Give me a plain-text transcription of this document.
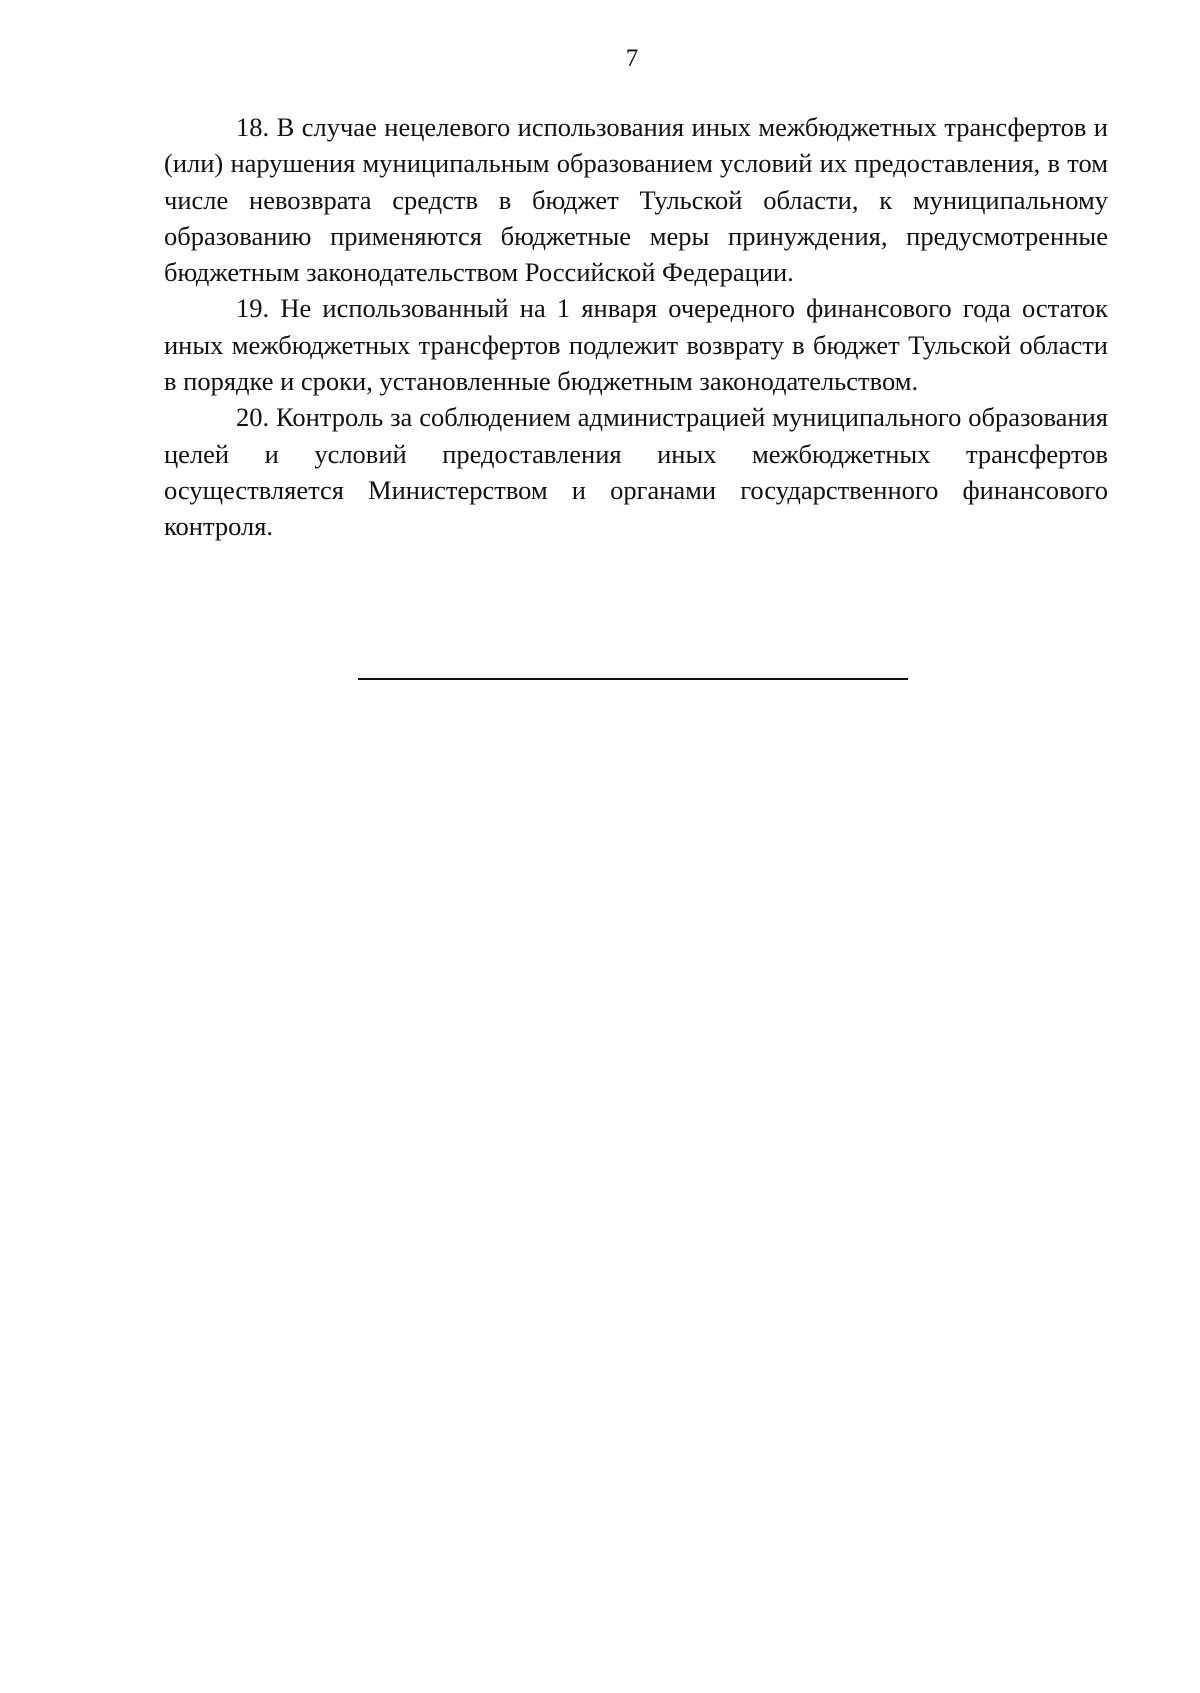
7

18. В случае нецелевого использования иных межбюджетных трансфертов и (или) нарушения муниципальным образованием условий их предоставления, в том числе невозврата средств в бюджет Тульской области, к муниципальному образованию применяются бюджетные меры принуждения, предусмотренные бюджетным законодательством Российской Федерации.

19. Не использованный на 1 января очередного финансового года остаток иных межбюджетных трансфертов подлежит возврату в бюджет Тульской области в порядке и сроки, установленные бюджетным законодательством.

20. Контроль за соблюдением администрацией муниципального образования целей и условий предоставления иных межбюджетных трансфертов осуществляется Министерством и органами государственного финансового контроля.
